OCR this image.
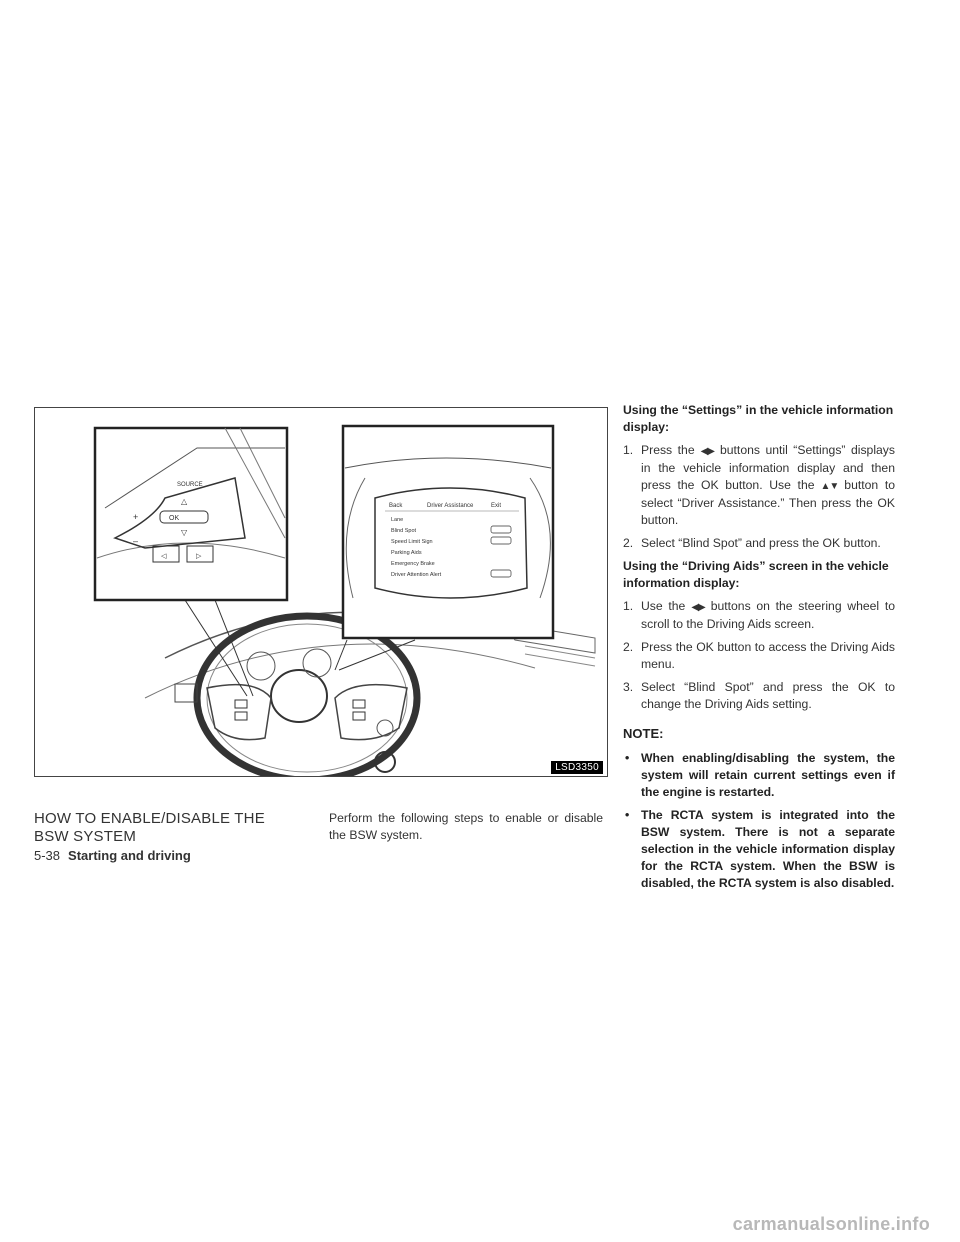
OK
SOURCE
△
▽
+
–
◁	▷
Back	Driver Assistance	Exit
Lane
Blind Spot
Speed Limit Sign
Parking Aids
Emergency Brake
Driver Attention Alert
LSD3350
HOW TO ENABLE/DISABLE THE
BSW SYSTEM
Perform the following steps to enable or disable the BSW system.
Using the “Settings” in the vehicle information display:
1. Press the ◀▶ buttons until “Settings” displays in the vehicle information display and then press the OK button. Use the ▲▼ button to select “Driver Assistance.” Then press the OK button.
2. Select “Blind Spot” and press the OK button.
Using the “Driving Aids” screen in the vehicle information display:
1. Use the ◀▶ buttons on the steering wheel to scroll to the Driving Aids screen.
2. Press the OK button to access the Driving Aids menu.
3. Select “Blind Spot” and press the OK to change the Driving Aids setting.
NOTE:
• When enabling/disabling the system, the system will retain current settings even if the engine is restarted.
• The RCTA system is integrated into the BSW system. There is not a separate selection in the vehicle information display for the RCTA system. When the BSW is disabled, the RCTA system is also disabled.
5-38 Starting and driving
carmanualsonline.info
